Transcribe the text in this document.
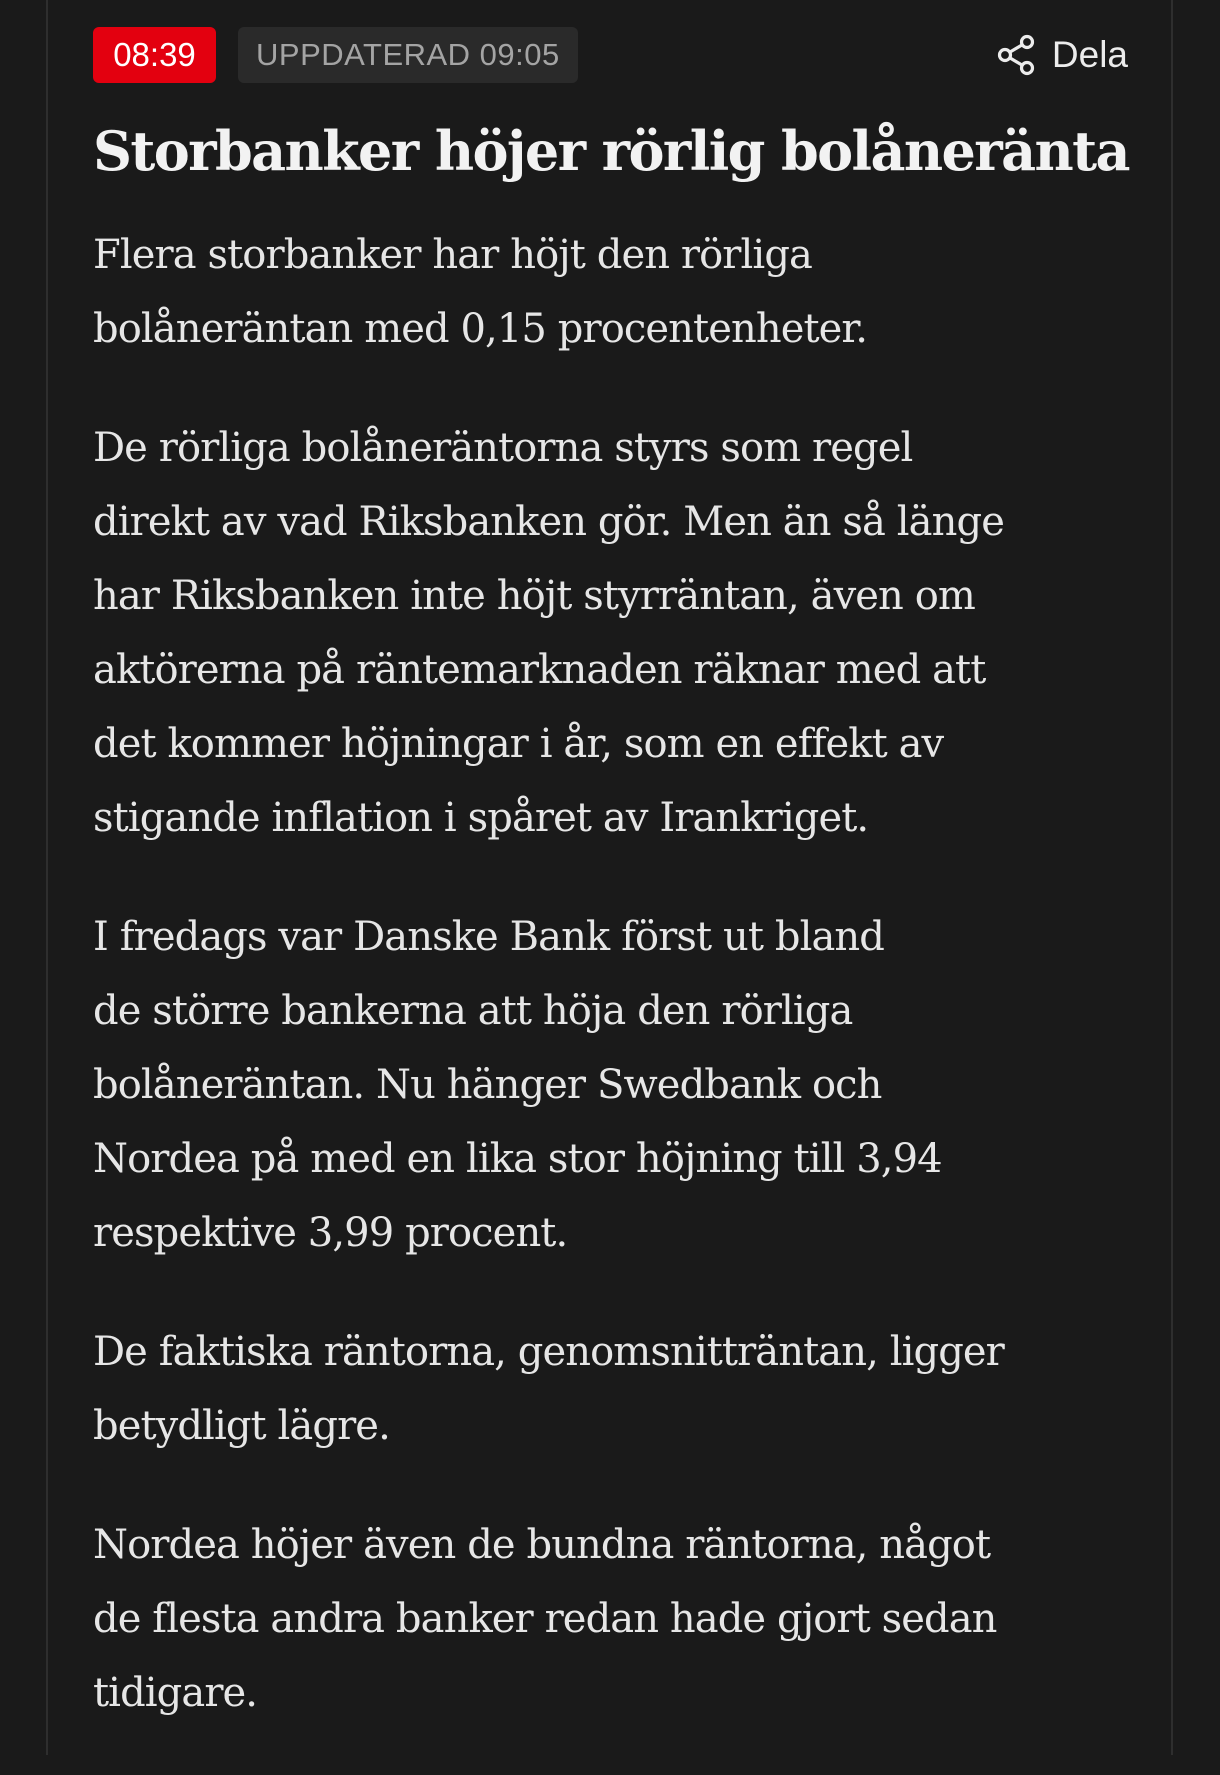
08:39	UPPDATERAD 09:05	Dela
Storbanker höjer rörlig bolåneränta

Flera storbanker har höjt den rörliga
bolåneräntan med 0,15 procentenheter.

De rörliga bolåneräntorna styrs som regel
direkt av vad Riksbanken gör. Men än så länge
har Riksbanken inte höjt styrräntan, även om
aktörerna på räntemarknaden räknar med att
det kommer höjningar i år, som en effekt av
stigande inflation i spåret av Irankriget.

I fredags var Danske Bank först ut bland
de större bankerna att höja den rörliga
bolåneräntan. Nu hänger Swedbank och
Nordea på med en lika stor höjning till 3,94
respektive 3,99 procent.

De faktiska räntorna, genomsnitträntan, ligger
betydligt lägre.

Nordea höjer även de bundna räntorna, något
de flesta andra banker redan hade gjort sedan
tidigare.
